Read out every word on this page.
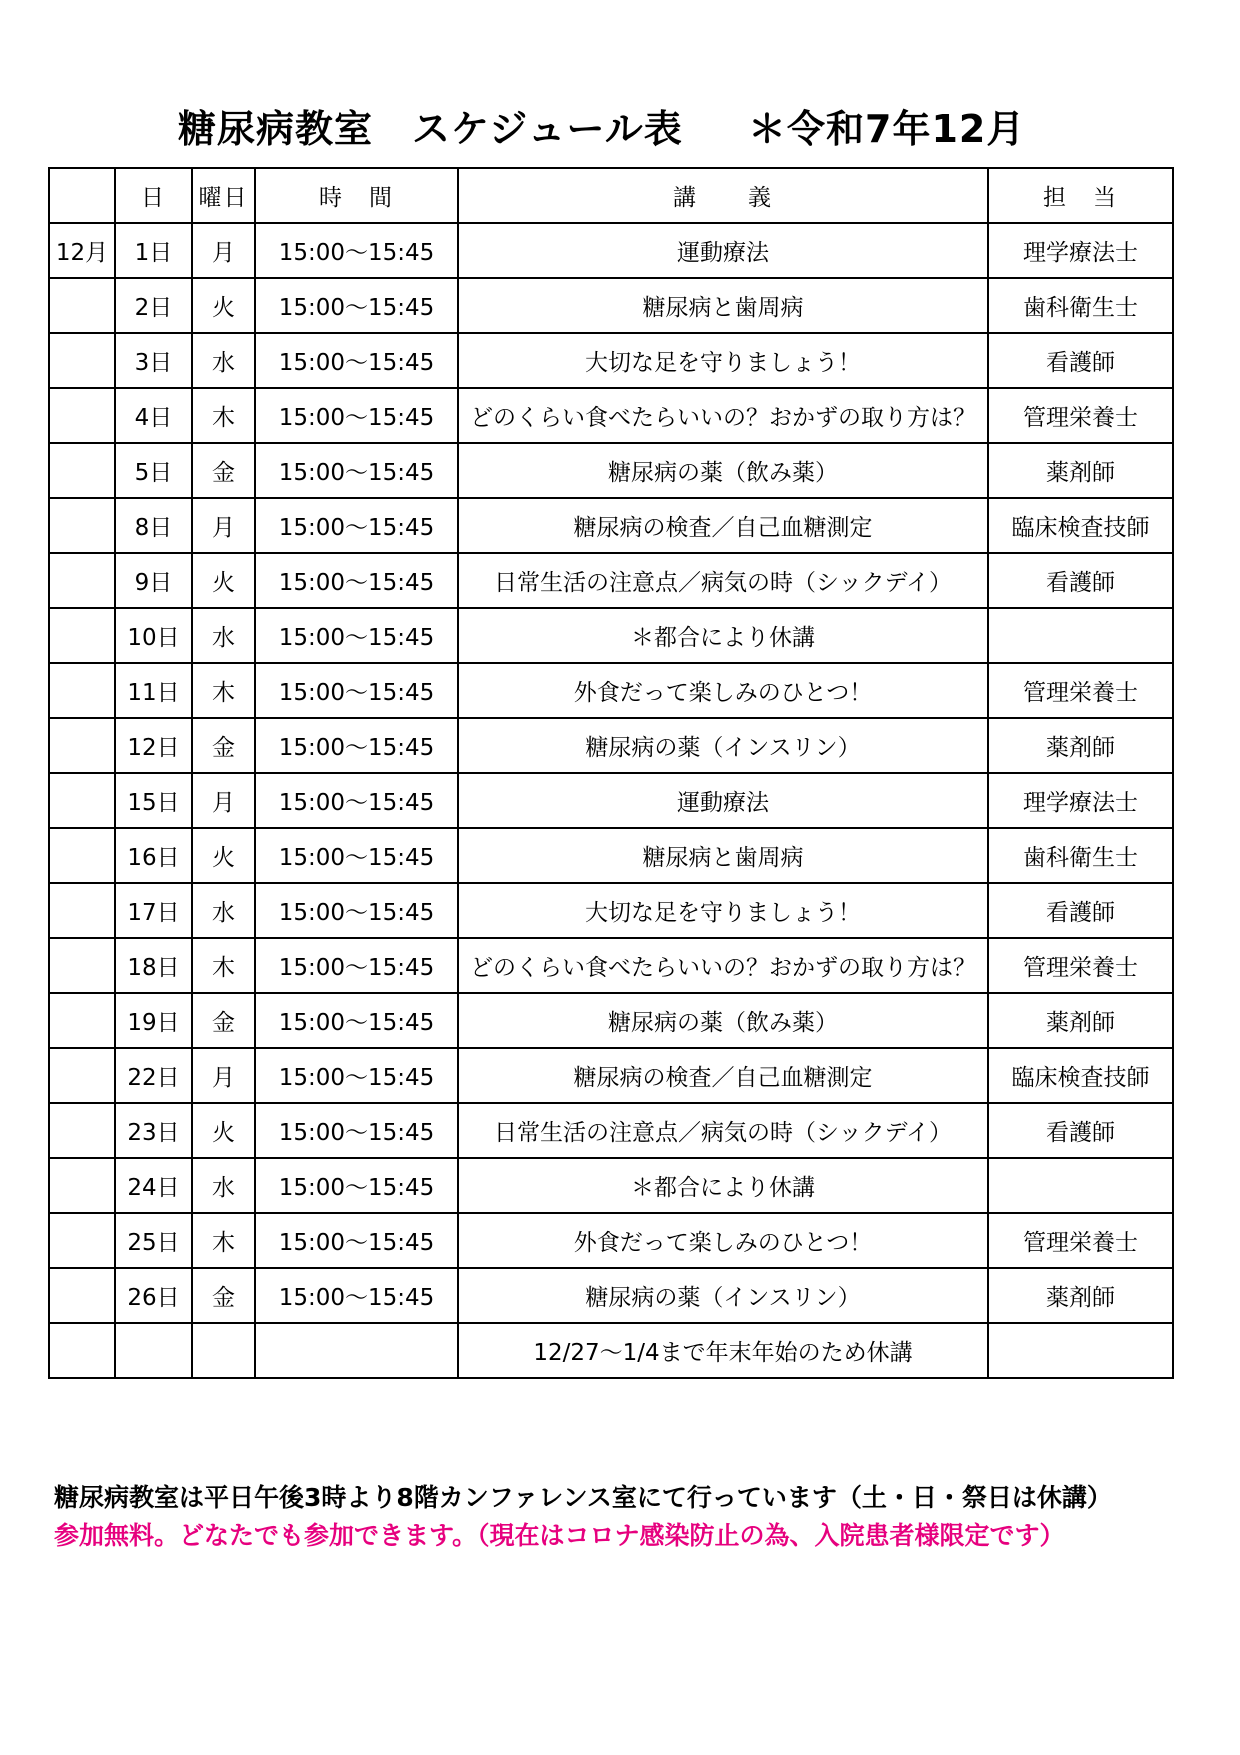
糖尿病教室　スケジュール表 ＊令和7年12月
	日	曜日	時　間	講　　義	担　当
12月	1日	月	15:00～15:45	運動療法	理学療法士
	2日	火	15:00～15:45	糖尿病と歯周病	歯科衛生士
	3日	水	15:00～15:45	大切な足を守りましょう！	看護師
	4日	木	15:00～15:45	どのくらい食べたらいいの？おかずの取り方は？	管理栄養士
	5日	金	15:00～15:45	糖尿病の薬（飲み薬）	薬剤師
	8日	月	15:00～15:45	糖尿病の検査／自己血糖測定	臨床検査技師
	9日	火	15:00～15:45	日常生活の注意点／病気の時（シックデイ）	看護師
	10日	水	15:00～15:45	＊都合により休講	
	11日	木	15:00～15:45	外食だって楽しみのひとつ！	管理栄養士
	12日	金	15:00～15:45	糖尿病の薬（インスリン）	薬剤師
	15日	月	15:00～15:45	運動療法	理学療法士
	16日	火	15:00～15:45	糖尿病と歯周病	歯科衛生士
	17日	水	15:00～15:45	大切な足を守りましょう！	看護師
	18日	木	15:00～15:45	どのくらい食べたらいいの？おかずの取り方は？	管理栄養士
	19日	金	15:00～15:45	糖尿病の薬（飲み薬）	薬剤師
	22日	月	15:00～15:45	糖尿病の検査／自己血糖測定	臨床検査技師
	23日	火	15:00～15:45	日常生活の注意点／病気の時（シックデイ）	看護師
	24日	水	15:00～15:45	＊都合により休講	
	25日	木	15:00～15:45	外食だって楽しみのひとつ！	管理栄養士
	26日	金	15:00～15:45	糖尿病の薬（インスリン）	薬剤師
				12/27～1/4まで年末年始のため休講	
糖尿病教室は平日午後3時より8階カンファレンス室にて行っています（土・日・祭日は休講）
参加無料。どなたでも参加できます。（現在はコロナ感染防止の為、入院患者様限定です）
